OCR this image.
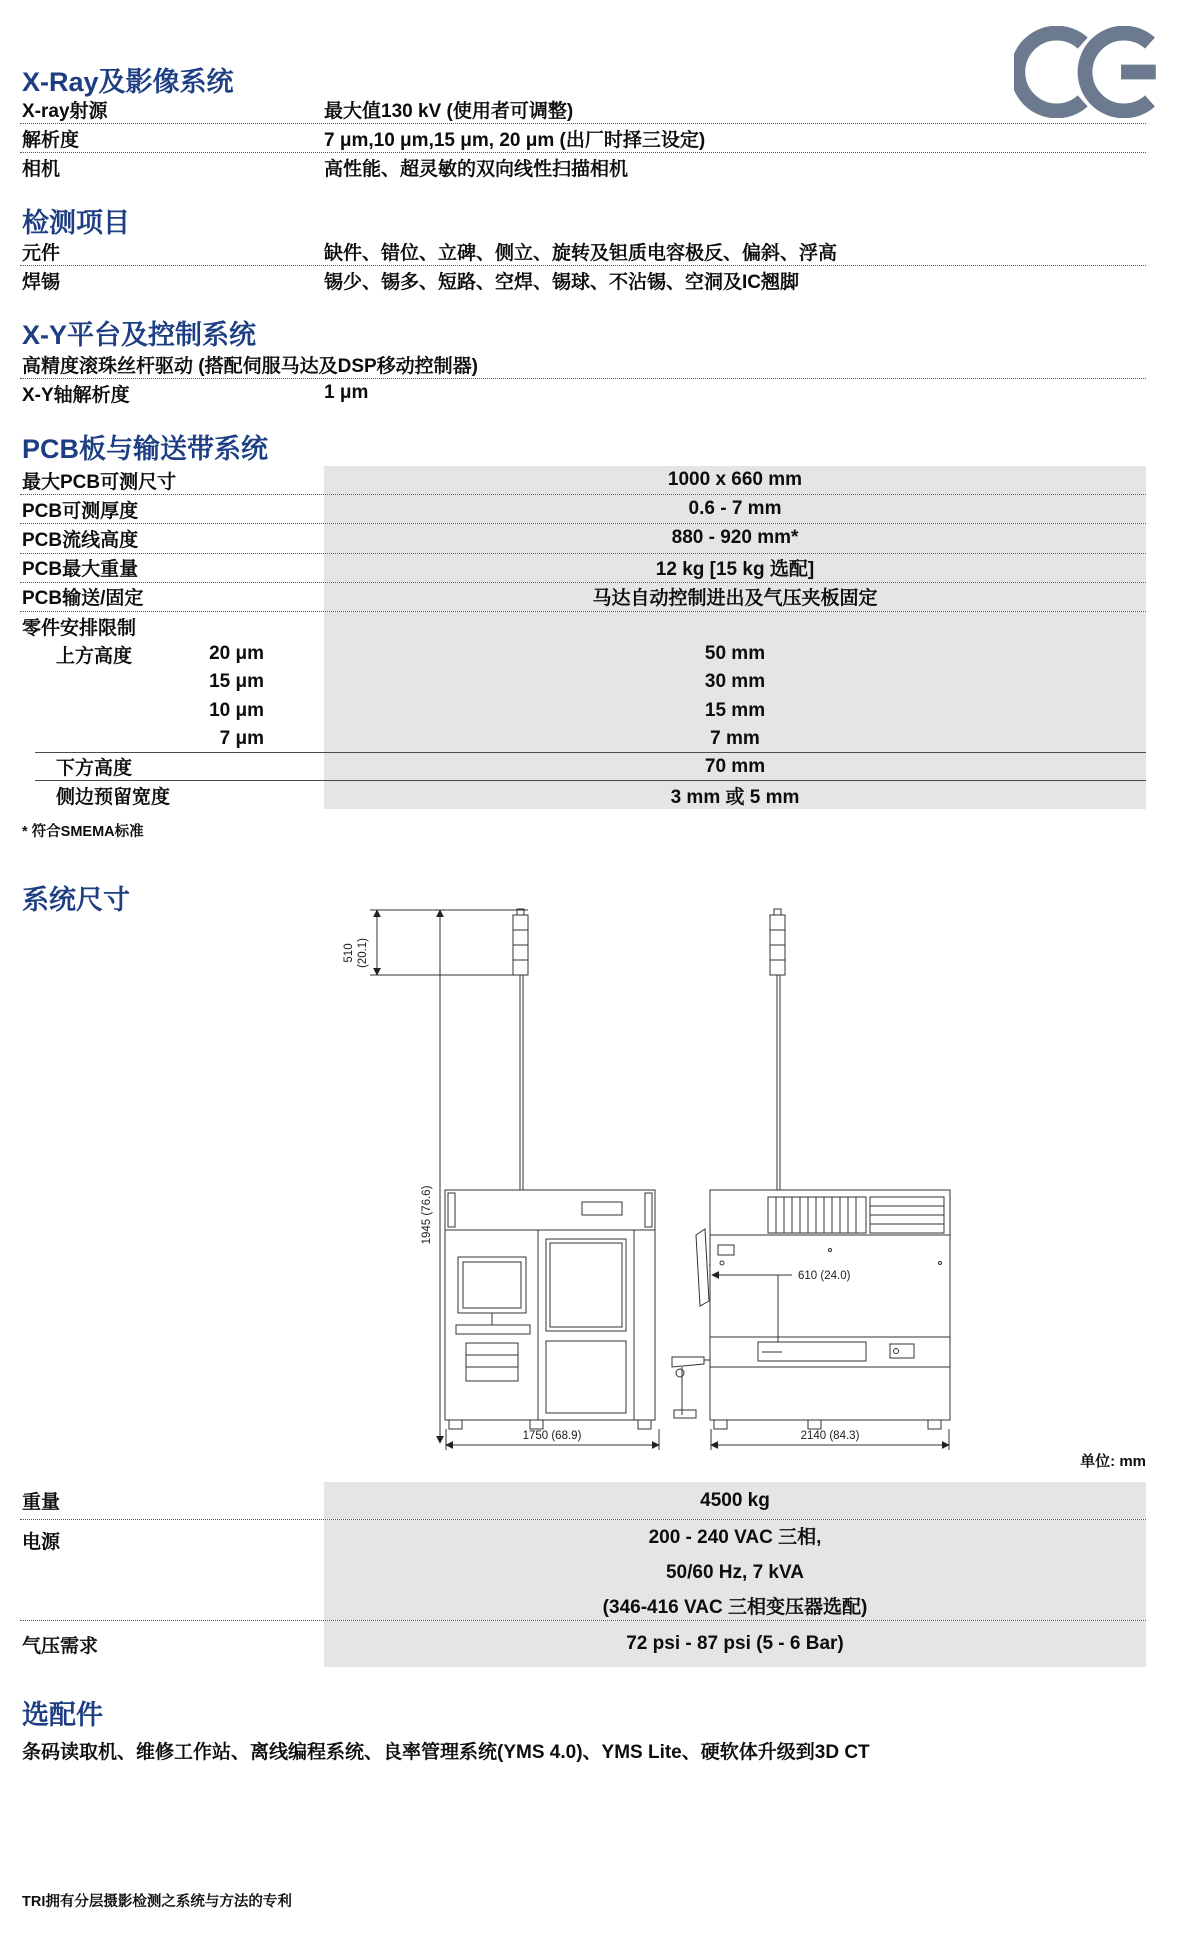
X-Ray及影像系统
X-ray射源	最大值130 kV (使用者可调整)
解析度	7 μm,10 μm,15 μm, 20 μm (出厂时择三设定)
相机	高性能、超灵敏的双向线性扫描相机
检测项目
元件	缺件、错位、立碑、侧立、旋转及钽质电容极反、偏斜、浮高
焊锡	锡少、锡多、短路、空焊、锡球、不沾锡、空洞及IC翘脚
X-Y平台及控制系统
高精度滚珠丝杆驱动 (搭配伺服马达及DSP移动控制器)
X-Y轴解析度	1 μm
PCB板与输送带系统
最大PCB可测尺寸	1000 x 660 mm
PCB可测厚度	0.6 - 7 mm
PCB流线高度	880 - 920 mm*
PCB最大重量	12 kg [15 kg 选配]
PCB输送/固定	马达自动控制进出及气压夹板固定
零件安排限制
上方高度	20 μm	50 mm
15 μm	30 mm
10 μm	15 mm
7 μm	7 mm
下方高度	70 mm
侧边预留宽度	3 mm 或 5 mm
* 符合SMEMA标准
系统尺寸
510 (20.1)
1945 (76.6)
1750 (68.9)	2140 (84.3)
610 (24.0)
单位: mm
重量	4500 kg
电源	200 - 240 VAC 三相,
50/60 Hz, 7 kVA
(346-416 VAC 三相变压器选配)
气压需求	72 psi - 87 psi (5 - 6 Bar)
选配件
条码读取机、维修工作站、离线编程系统、良率管理系统(YMS 4.0)、YMS Lite、硬软体升级到3D CT
TRI拥有分层摄影检测之系统与方法的专利
